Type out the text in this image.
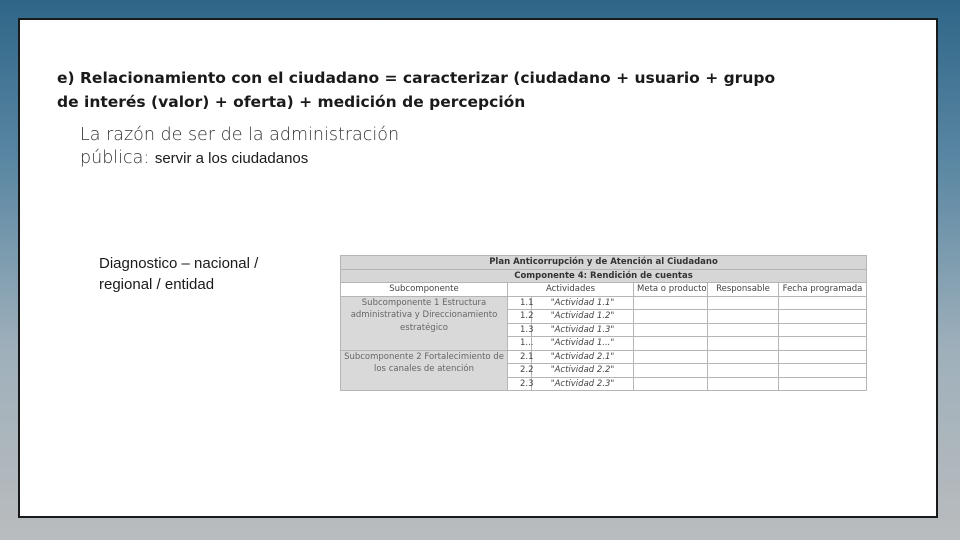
e) Relacionamiento con el ciudadano = caracterizar (ciudadano + usuario + grupo
de interés (valor) + oferta) + medición de percepción
La razón de ser de la administración
pública: servir a los ciudadanos
Diagnostico – nacional /
regional / entidad
Plan Anticorrupción y de Atención al Ciudadano					
Componente 4: Rendición de cuentas					
Subcomponente	Actividades		Meta o producto	Responsable	Fecha programada
Subcomponente 1 Estructura administrativa y Direccionamiento estratégico	1.1	"Actividad 1.1"			
	1.2	"Actividad 1.2"			
	1.3	"Actividad 1.3"			
	1...	"Actividad 1..."			
Subcomponente 2 Fortalecimiento de los canales de atención	2.1	"Actividad 2.1"			
	2.2	"Actividad 2.2"			
	2.3	"Actividad 2.3"			
